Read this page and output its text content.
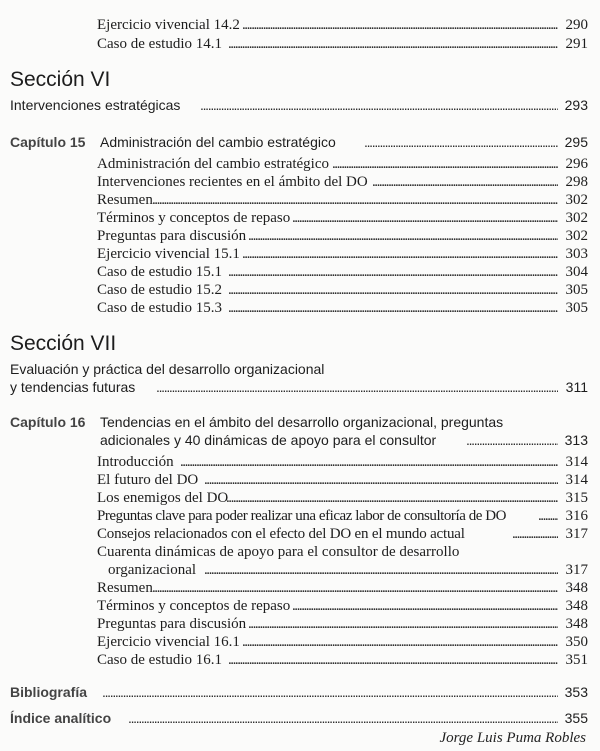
Ejercicio vivencial 14.2 . . .	290
Caso de estudio 14.1 . . .	291
Sección VI
Intervenciones estratégicas . . .	293
Capítulo 15 Administración del cambio estratégico . . .	295
Administración del cambio estratégico . . .	296
Intervenciones recientes en el ámbito del DO . . .	298
Resumen . . .	302
Términos y conceptos de repaso . . .	302
Preguntas para discusión . . .	302
Ejercicio vivencial 15.1 . . .	303
Caso de estudio 15.1 . . .	304
Caso de estudio 15.2 . . .	305
Caso de estudio 15.3 . . .	305
Sección VII
Evaluación y práctica del desarrollo organizacional
y tendencias futuras . . .	311
Capítulo 16 Tendencias en el ámbito del desarrollo organizacional, preguntas
adicionales y 40 dinámicas de apoyo para el consultor . . .	313
Introducción . . .	314
El futuro del DO . . .	314
Los enemigos del DO . . .	315
Preguntas clave para poder realizar una eficaz labor de consultoría de DO . . .	316
Consejos relacionados con el efecto del DO en el mundo actual . . .	317
Cuarenta dinámicas de apoyo para el consultor de desarrollo
organizacional . . .	317
Resumen . . .	348
Términos y conceptos de repaso . . .	348
Preguntas para discusión . . .	348
Ejercicio vivencial 16.1 . . .	350
Caso de estudio 16.1 . . .	351
Bibliografía . . .	353
Índice analítico . . .	355
Jorge Luis Puma Robles
